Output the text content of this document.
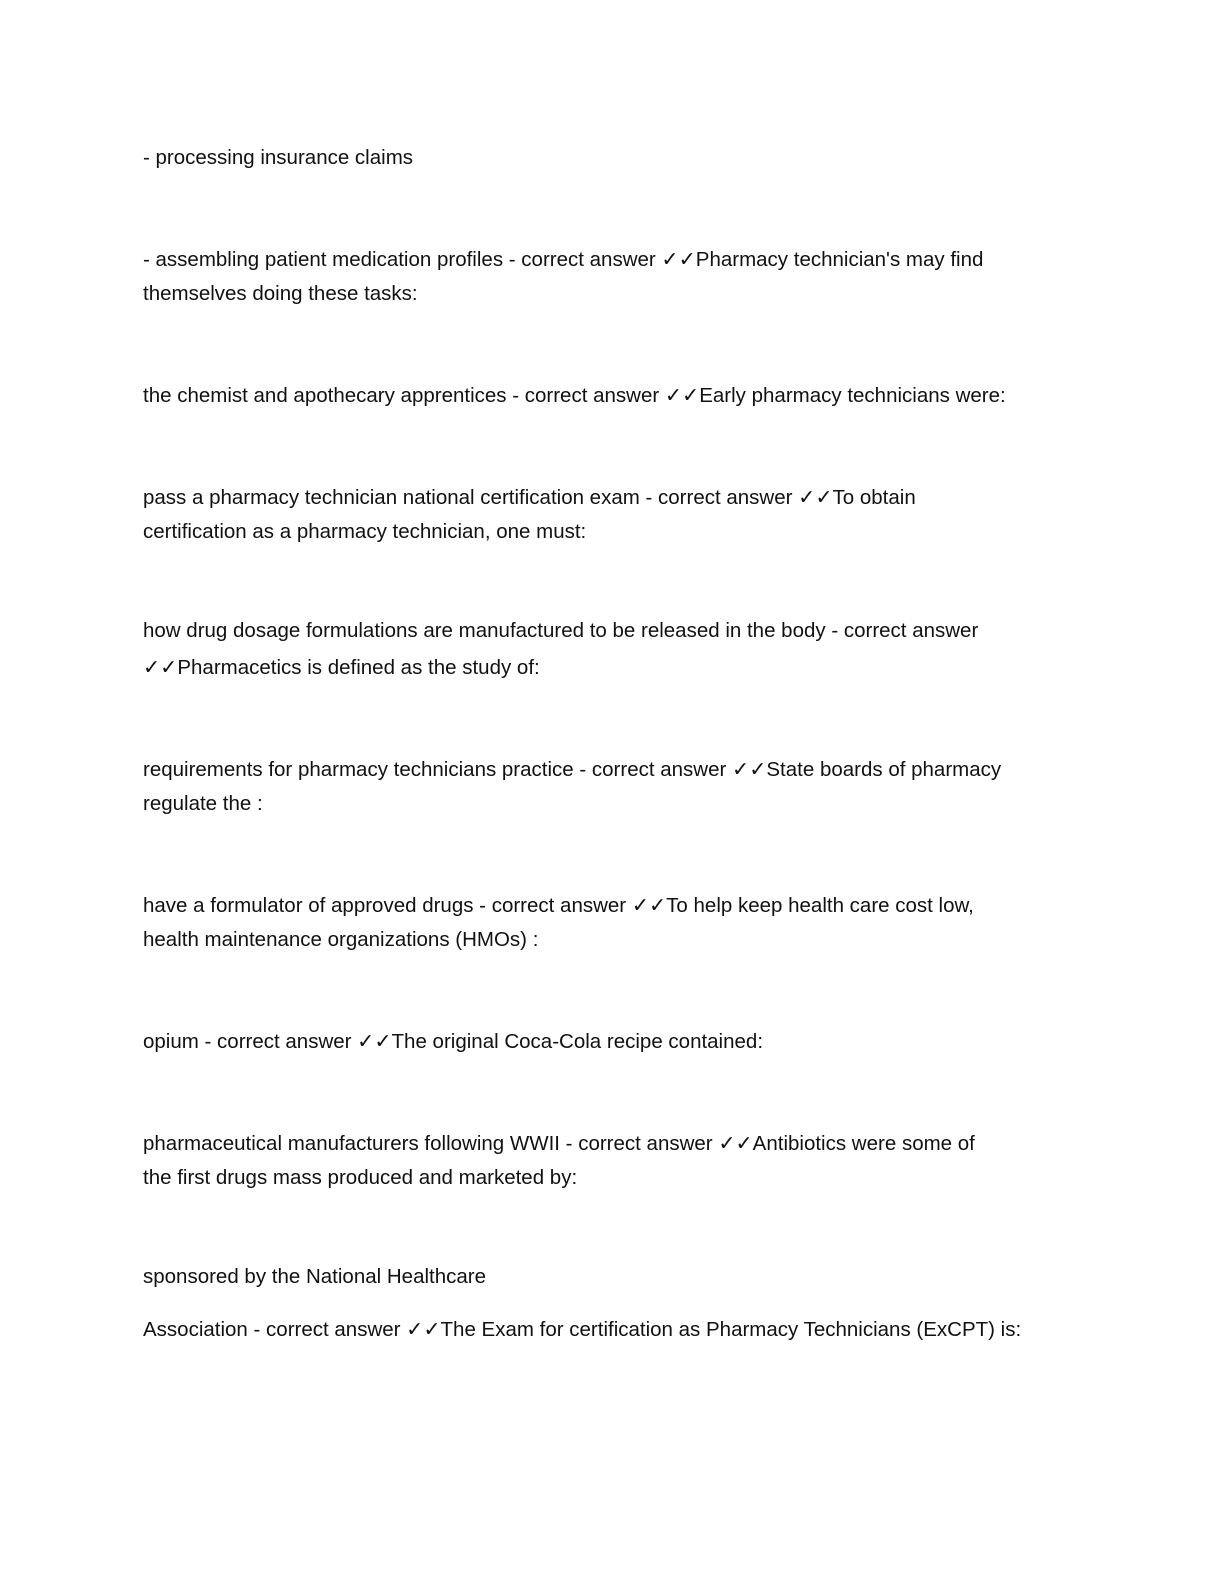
- processing insurance claims
- assembling patient medication profiles - correct answer ✓✓Pharmacy technician's may find
themselves doing these tasks:
the chemist and apothecary apprentices - correct answer ✓✓Early pharmacy technicians were:
pass a pharmacy technician national certification exam - correct answer ✓✓To obtain
certification as a pharmacy technician, one must:
how drug dosage formulations are manufactured to be released in the body - correct answer
✓✓Pharmacetics is defined as the study of:
requirements for pharmacy technicians practice - correct answer ✓✓State boards of pharmacy
regulate the :
have a formulator of approved drugs - correct answer ✓✓To help keep health care cost low,
health maintenance organizations (HMOs) :
opium - correct answer ✓✓The original Coca-Cola recipe contained:
pharmaceutical manufacturers following WWII - correct answer ✓✓Antibiotics were some of
the first drugs mass produced and marketed by:
sponsored by the National Healthcare
Association - correct answer ✓✓The Exam for certification as Pharmacy Technicians (ExCPT) is:
